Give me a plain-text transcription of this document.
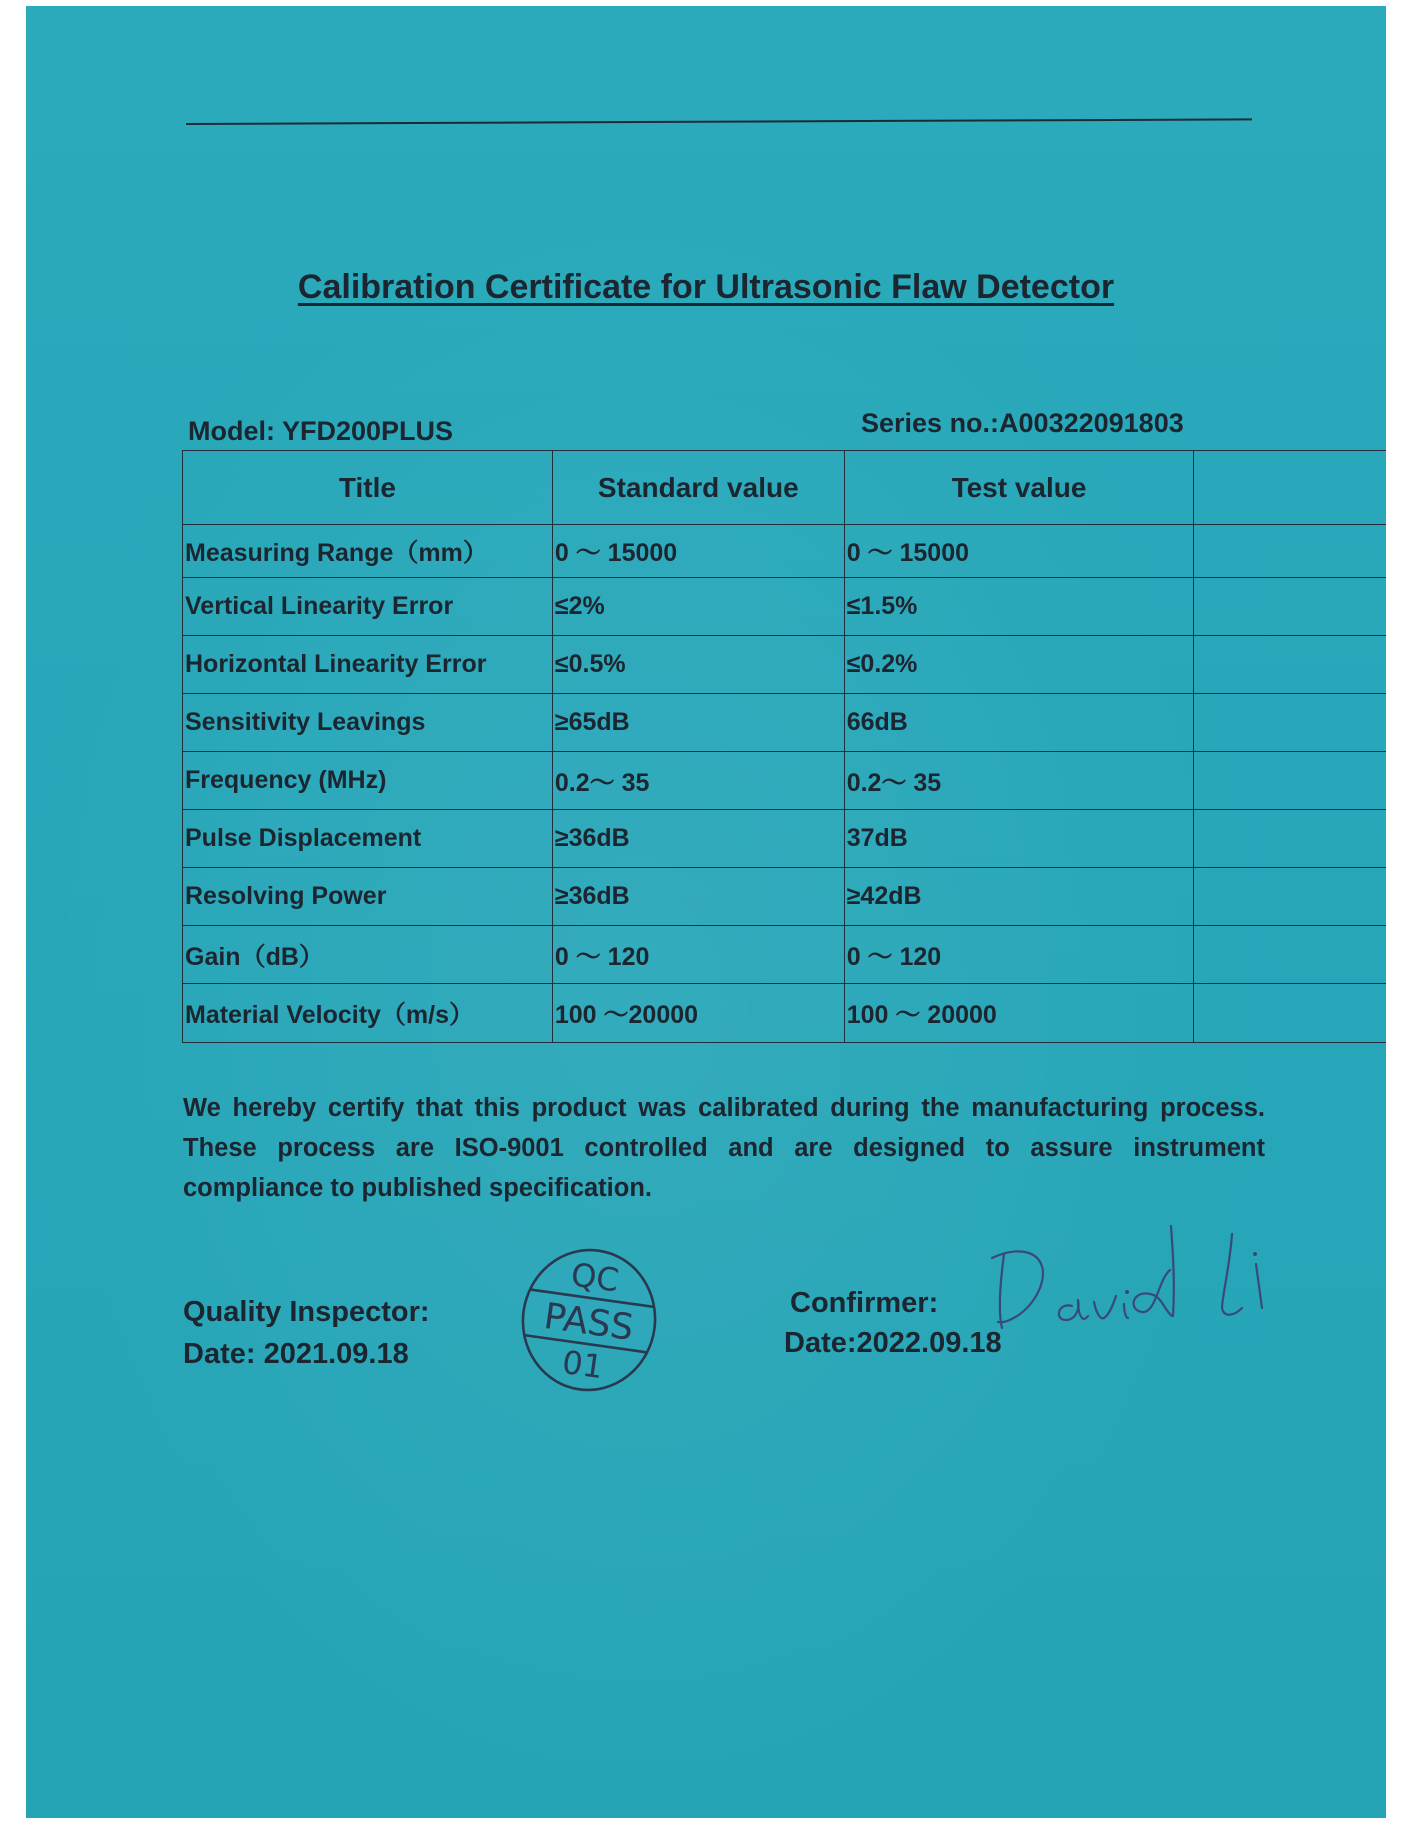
Calibration Certificate for Ultrasonic Flaw Detector
Model: YFD200PLUS	Series no.:A00322091803
Title	Standard value	Test value	
Measuring Range（mm）	0 ～ 15000	0 ～ 15000	
Vertical Linearity Error	≤2%	≤1.5%	
Horizontal Linearity Error	≤0.5%	≤0.2%	
Sensitivity Leavings	≥65dB	66dB	
Frequency (MHz)	0.2～ 35	0.2～ 35	
Pulse Displacement	≥36dB	37dB	
Resolving Power	≥36dB	≥42dB	
Gain（dB）	0 ～ 120	0 ～ 120	
Material Velocity（m/s）	100 ～20000	100 ～ 20000	

We hereby certify that this product was calibrated during the manufacturing process. These process are ISO-9001 controlled and are designed to assure instrument compliance to published specification.

Quality Inspector:
Date: 2021.09.18
QC
PASS
01
Confirmer:
Date:2022.09.18
